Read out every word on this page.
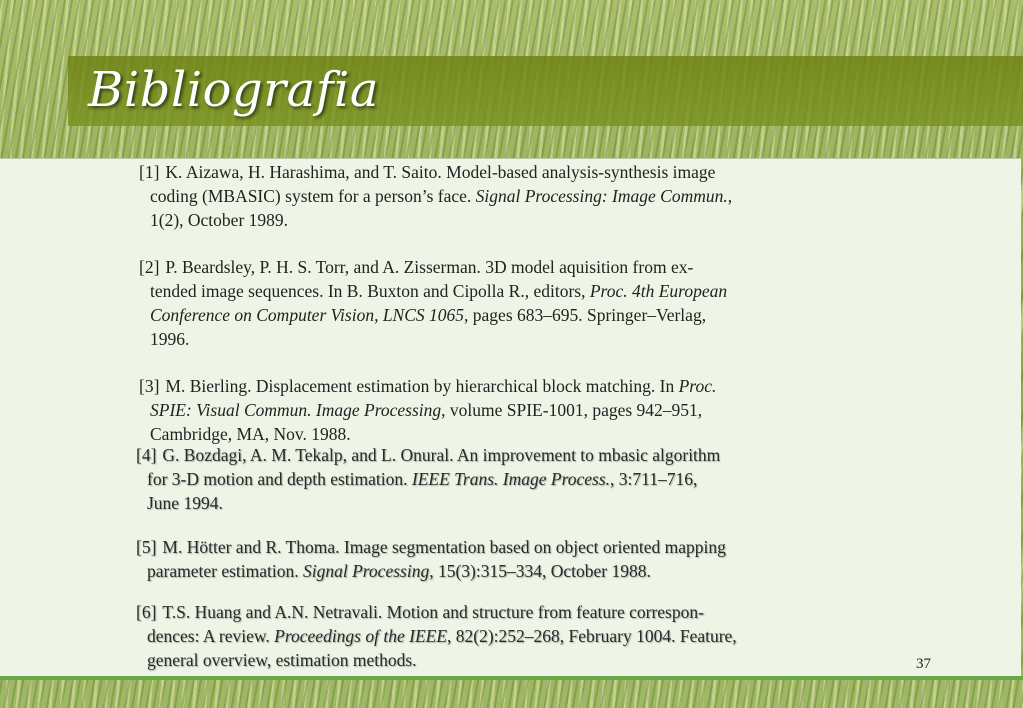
Bibliografia

[1] K. Aizawa, H. Harashima, and T. Saito. Model-based analysis-synthesis image
coding (MBASIC) system for a person’s face. Signal Processing: Image Commun.,
1(2), October 1989.

[2] P. Beardsley, P. H. S. Torr, and A. Zisserman. 3D model aquisition from ex-
tended image sequences. In B. Buxton and Cipolla R., editors, Proc. 4th European
Conference on Computer Vision, LNCS 1065, pages 683–695. Springer–Verlag,
1996.

[3] M. Bierling. Displacement estimation by hierarchical block matching. In Proc.
SPIE: Visual Commun. Image Processing, volume SPIE-1001, pages 942–951,
Cambridge, MA, Nov. 1988.

[4] G. Bozdagi, A. M. Tekalp, and L. Onural. An improvement to mbasic algorithm
for 3-D motion and depth estimation. IEEE Trans. Image Process., 3:711–716,
June 1994.

[5] M. Hötter and R. Thoma. Image segmentation based on object oriented mapping
parameter estimation. Signal Processing, 15(3):315–334, October 1988.

[6] T.S. Huang and A.N. Netravali. Motion and structure from feature correspon-
dences: A review. Proceedings of the IEEE, 82(2):252–268, February 1004. Feature,
general overview, estimation methods.	37
